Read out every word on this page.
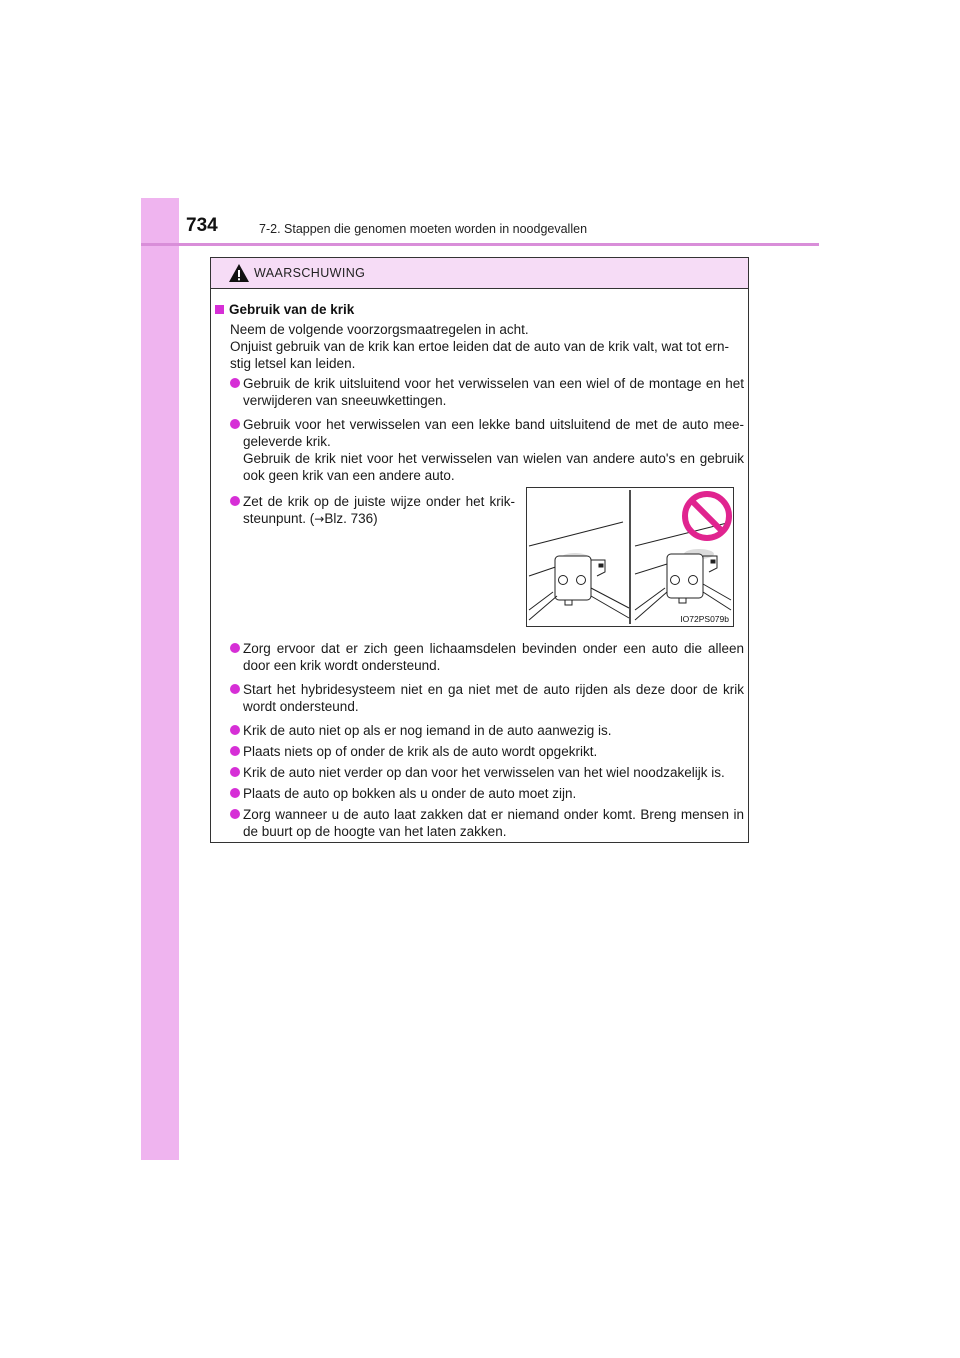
734	7-2. Stappen die genomen moeten worden in noodgevallen
WAARSCHUWING
Gebruik van de krik
Neem de volgende voorzorgsmaatregelen in acht.
Onjuist gebruik van de krik kan ertoe leiden dat de auto van de krik valt, wat tot ern-stig letsel kan leiden.
Gebruik de krik uitsluitend voor het verwisselen van een wiel of de montage en het verwijderen van sneeuwkettingen.
Gebruik voor het verwisselen van een lekke band uitsluitend de met de auto mee-geleverde krik.
Gebruik de krik niet voor het verwisselen van wielen van andere auto's en gebruik ook geen krik van een andere auto.
Zet de krik op de juiste wijze onder het krik-steunpunt. (→Blz. 736)
IO72PS079b
Zorg ervoor dat er zich geen lichaamsdelen bevinden onder een auto die alleen door een krik wordt ondersteund.
Start het hybridesysteem niet en ga niet met de auto rijden als deze door de krik wordt ondersteund.
Krik de auto niet op als er nog iemand in de auto aanwezig is.
Plaats niets op of onder de krik als de auto wordt opgekrikt.
Krik de auto niet verder op dan voor het verwisselen van het wiel noodzakelijk is.
Plaats de auto op bokken als u onder de auto moet zijn.
Zorg wanneer u de auto laat zakken dat er niemand onder komt. Breng mensen in de buurt op de hoogte van het laten zakken.
